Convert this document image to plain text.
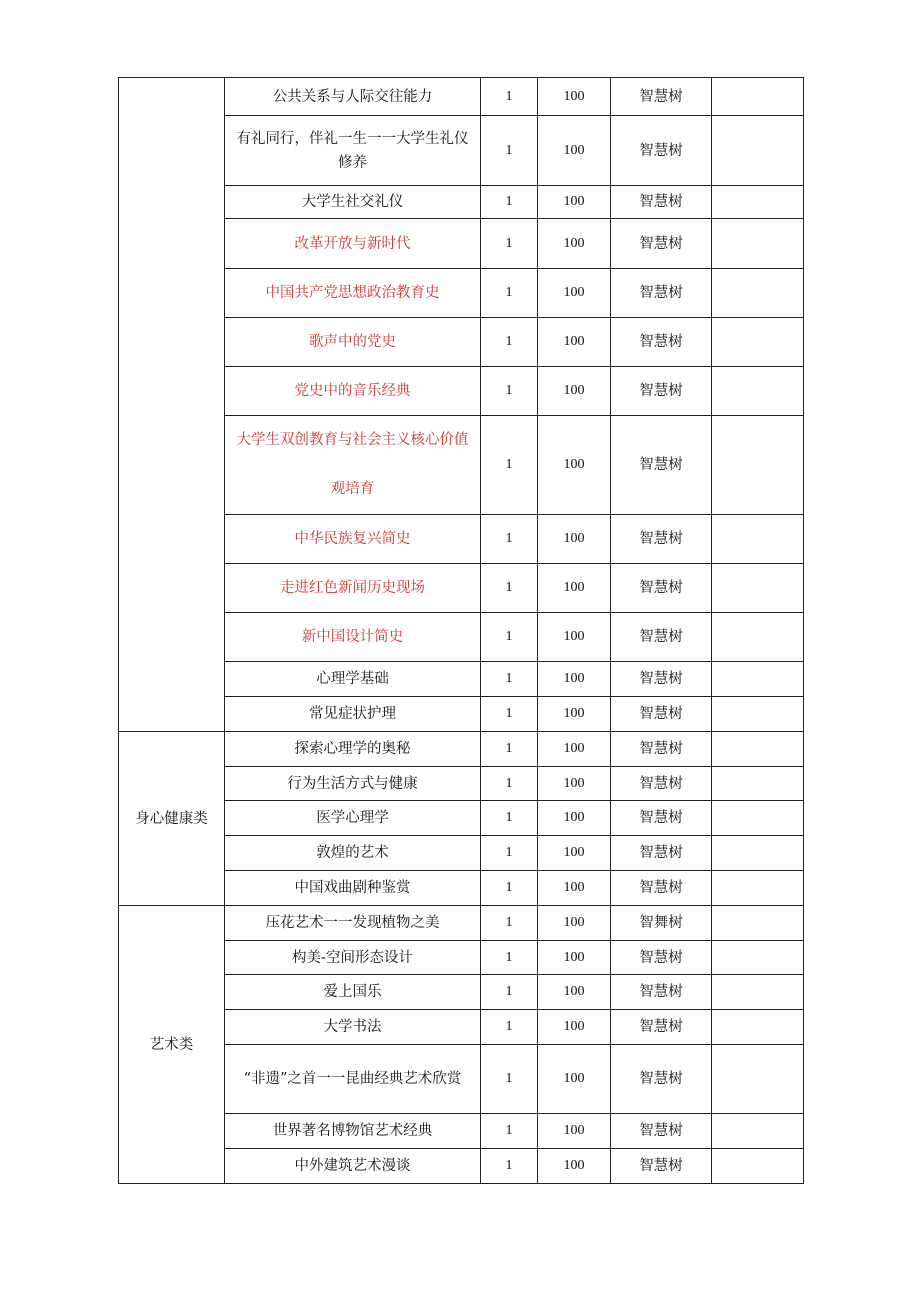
	公共关系与人际交往能力	1	100	智慧树	
	有礼同行，伴礼一生一一大学生礼仪修养	1	100	智慧树	
	大学生社交礼仪	1	100	智慧树	
	改革开放与新时代	1	100	智慧树	
	中国共产党思想政治教育史	1	100	智慧树	
	歌声中的党史	1	100	智慧树	
	党史中的音乐经典	1	100	智慧树	
	大学生双创教育与社会主义核心价值观培育	1	100	智慧树	
	中华民族复兴简史	1	100	智慧树	
	走进红色新闻历史现场	1	100	智慧树	
	新中国设计简史	1	100	智慧树	
	心理学基础	1	100	智慧树	
	常见症状护理	1	100	智慧树	
身心健康类	探索心理学的奥秘	1	100	智慧树	
	行为生活方式与健康	1	100	智慧树	
	医学心理学	1	100	智慧树	
	敦煌的艺术	1	100	智慧树	
	中国戏曲剧种鉴赏	1	100	智慧树	
艺术类	压花艺术一一发现植物之美	1	100	智舞树	
	构美-空间形态设计	1	100	智慧树	
	爱上国乐	1	100	智慧树	
	大学书法	1	100	智慧树	
	“非遗”之首一一昆曲经典艺术欣赏	1	100	智慧树	
	世界著名博物馆艺术经典	1	100	智慧树	
	中外建筑艺术漫谈	1	100	智慧树	
